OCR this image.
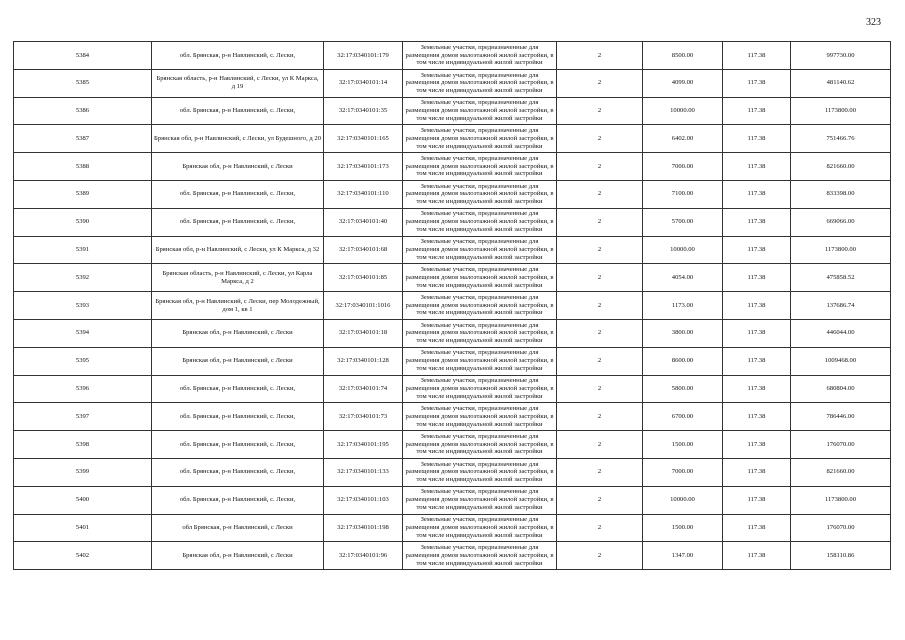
323
5384	обл. Брянская, р-н Навлинский, с. Лески,	32:17:0340101:179	Земельные участки, предназначенные для размещения домов малоэтажной жилой застройки, в том числе индивидуальной жилой застройки	2	8500.00	117.38	997730.00
5385	Брянская область, р-н Навлинский, с Лески, ул К Маркса, д 19	32:17:0340101:14	Земельные участки, предназначенные для размещения домов малоэтажной жилой застройки, в том числе индивидуальной жилой застройки	2	4099.00	117.38	481140.62
5386	обл. Брянская, р-н Навлинский, с. Лески,	32:17:0340101:35	Земельные участки, предназначенные для размещения домов малоэтажной жилой застройки, в том числе индивидуальной жилой застройки	2	10000.00	117.38	1173800.00
5387	Брянская обл, р-н Навлинский, с Лески, ул Будешного, д 20	32:17:0340101:165	Земельные участки, предназначенные для размещения домов малоэтажной жилой застройки, в том числе индивидуальной жилой застройки	2	6402.00	117.38	751466.76
5388	Брянская обл, р-н Навлинский, с Лески	32:17:0340101:173	Земельные участки, предназначенные для размещения домов малоэтажной жилой застройки, в том числе индивидуальной жилой застройки	2	7000.00	117.38	821660.00
5389	обл. Брянская, р-н Навлинский, с. Лески,	32:17:0340101:110	Земельные участки, предназначенные для размещения домов малоэтажной жилой застройки, в том числе индивидуальной жилой застройки	2	7100.00	117.38	833398.00
5390	обл. Брянская, р-н Навлинский, с. Лески,	32:17:0340101:40	Земельные участки, предназначенные для размещения домов малоэтажной жилой застройки, в том числе индивидуальной жилой застройки	2	5700.00	117.38	669066.00
5391	Брянская обл, р-н Навлинский, с Лески, ул К Маркса, д 32	32:17:0340101:68	Земельные участки, предназначенные для размещения домов малоэтажной жилой застройки, в том числе индивидуальной жилой застройки	2	10000.00	117.38	1173800.00
5392	Брянская область, р-н Навлинский, с Лески, ул Карла Маркса, д 2	32:17:0340101:85	Земельные участки, предназначенные для размещения домов малоэтажной жилой застройки, в том числе индивидуальной жилой застройки	2	4054.00	117.38	475858.52
5393	Брянская обл, р-н Навлинский, с Лески, пер Молодежный, дом 1, кв 1	32:17:0340101:1016	Земельные участки, предназначенные для размещения домов малоэтажной жилой застройки, в том числе индивидуальной жилой застройки	2	1173.00	117.38	137686.74
5394	Брянская обл, р-н Навлинский, с Лески	32:17:0340101:18	Земельные участки, предназначенные для размещения домов малоэтажной жилой застройки, в том числе индивидуальной жилой застройки	2	3800.00	117.38	446044.00
5395	Брянская обл, р-н Навлинский, с Лески	32:17:0340101:128	Земельные участки, предназначенные для размещения домов малоэтажной жилой застройки, в том числе индивидуальной жилой застройки	2	8600.00	117.38	1009468.00
5396	обл. Брянская, р-н Навлинский, с. Лески,	32:17:0340101:74	Земельные участки, предназначенные для размещения домов малоэтажной жилой застройки, в том числе индивидуальной жилой застройки	2	5800.00	117.38	680804.00
5397	обл. Брянская, р-н Навлинский, с. Лески,	32:17:0340101:73	Земельные участки, предназначенные для размещения домов малоэтажной жилой застройки, в том числе индивидуальной жилой застройки	2	6700.00	117.38	786446.00
5398	обл. Брянская, р-н Навлинский, с. Лески,	32:17:0340101:195	Земельные участки, предназначенные для размещения домов малоэтажной жилой застройки, в том числе индивидуальной жилой застройки	2	1500.00	117.38	176070.00
5399	обл. Брянская, р-н Навлинский, с. Лески,	32:17:0340101:133	Земельные участки, предназначенные для размещения домов малоэтажной жилой застройки, в том числе индивидуальной жилой застройки	2	7000.00	117.38	821660.00
5400	обл. Брянская, р-н Навлинский, с. Лески,	32:17:0340101:103	Земельные участки, предназначенные для размещения домов малоэтажной жилой застройки, в том числе индивидуальной жилой застройки	2	10000.00	117.38	1173800.00
5401	обл Брянская, р-н Навлинский, с Лески	32:17:0340101:198	Земельные участки, предназначенные для размещения домов малоэтажной жилой застройки, в том числе индивидуальной жилой застройки	2	1500.00	117.38	176070.00
5402	Брянская обл, р-н Навлинский, с Лески	32:17:0340101:96	Земельные участки, предназначенные для размещения домов малоэтажной жилой застройки, в том числе индивидуальной жилой застройки	2	1347.00	117.38	158110.86
